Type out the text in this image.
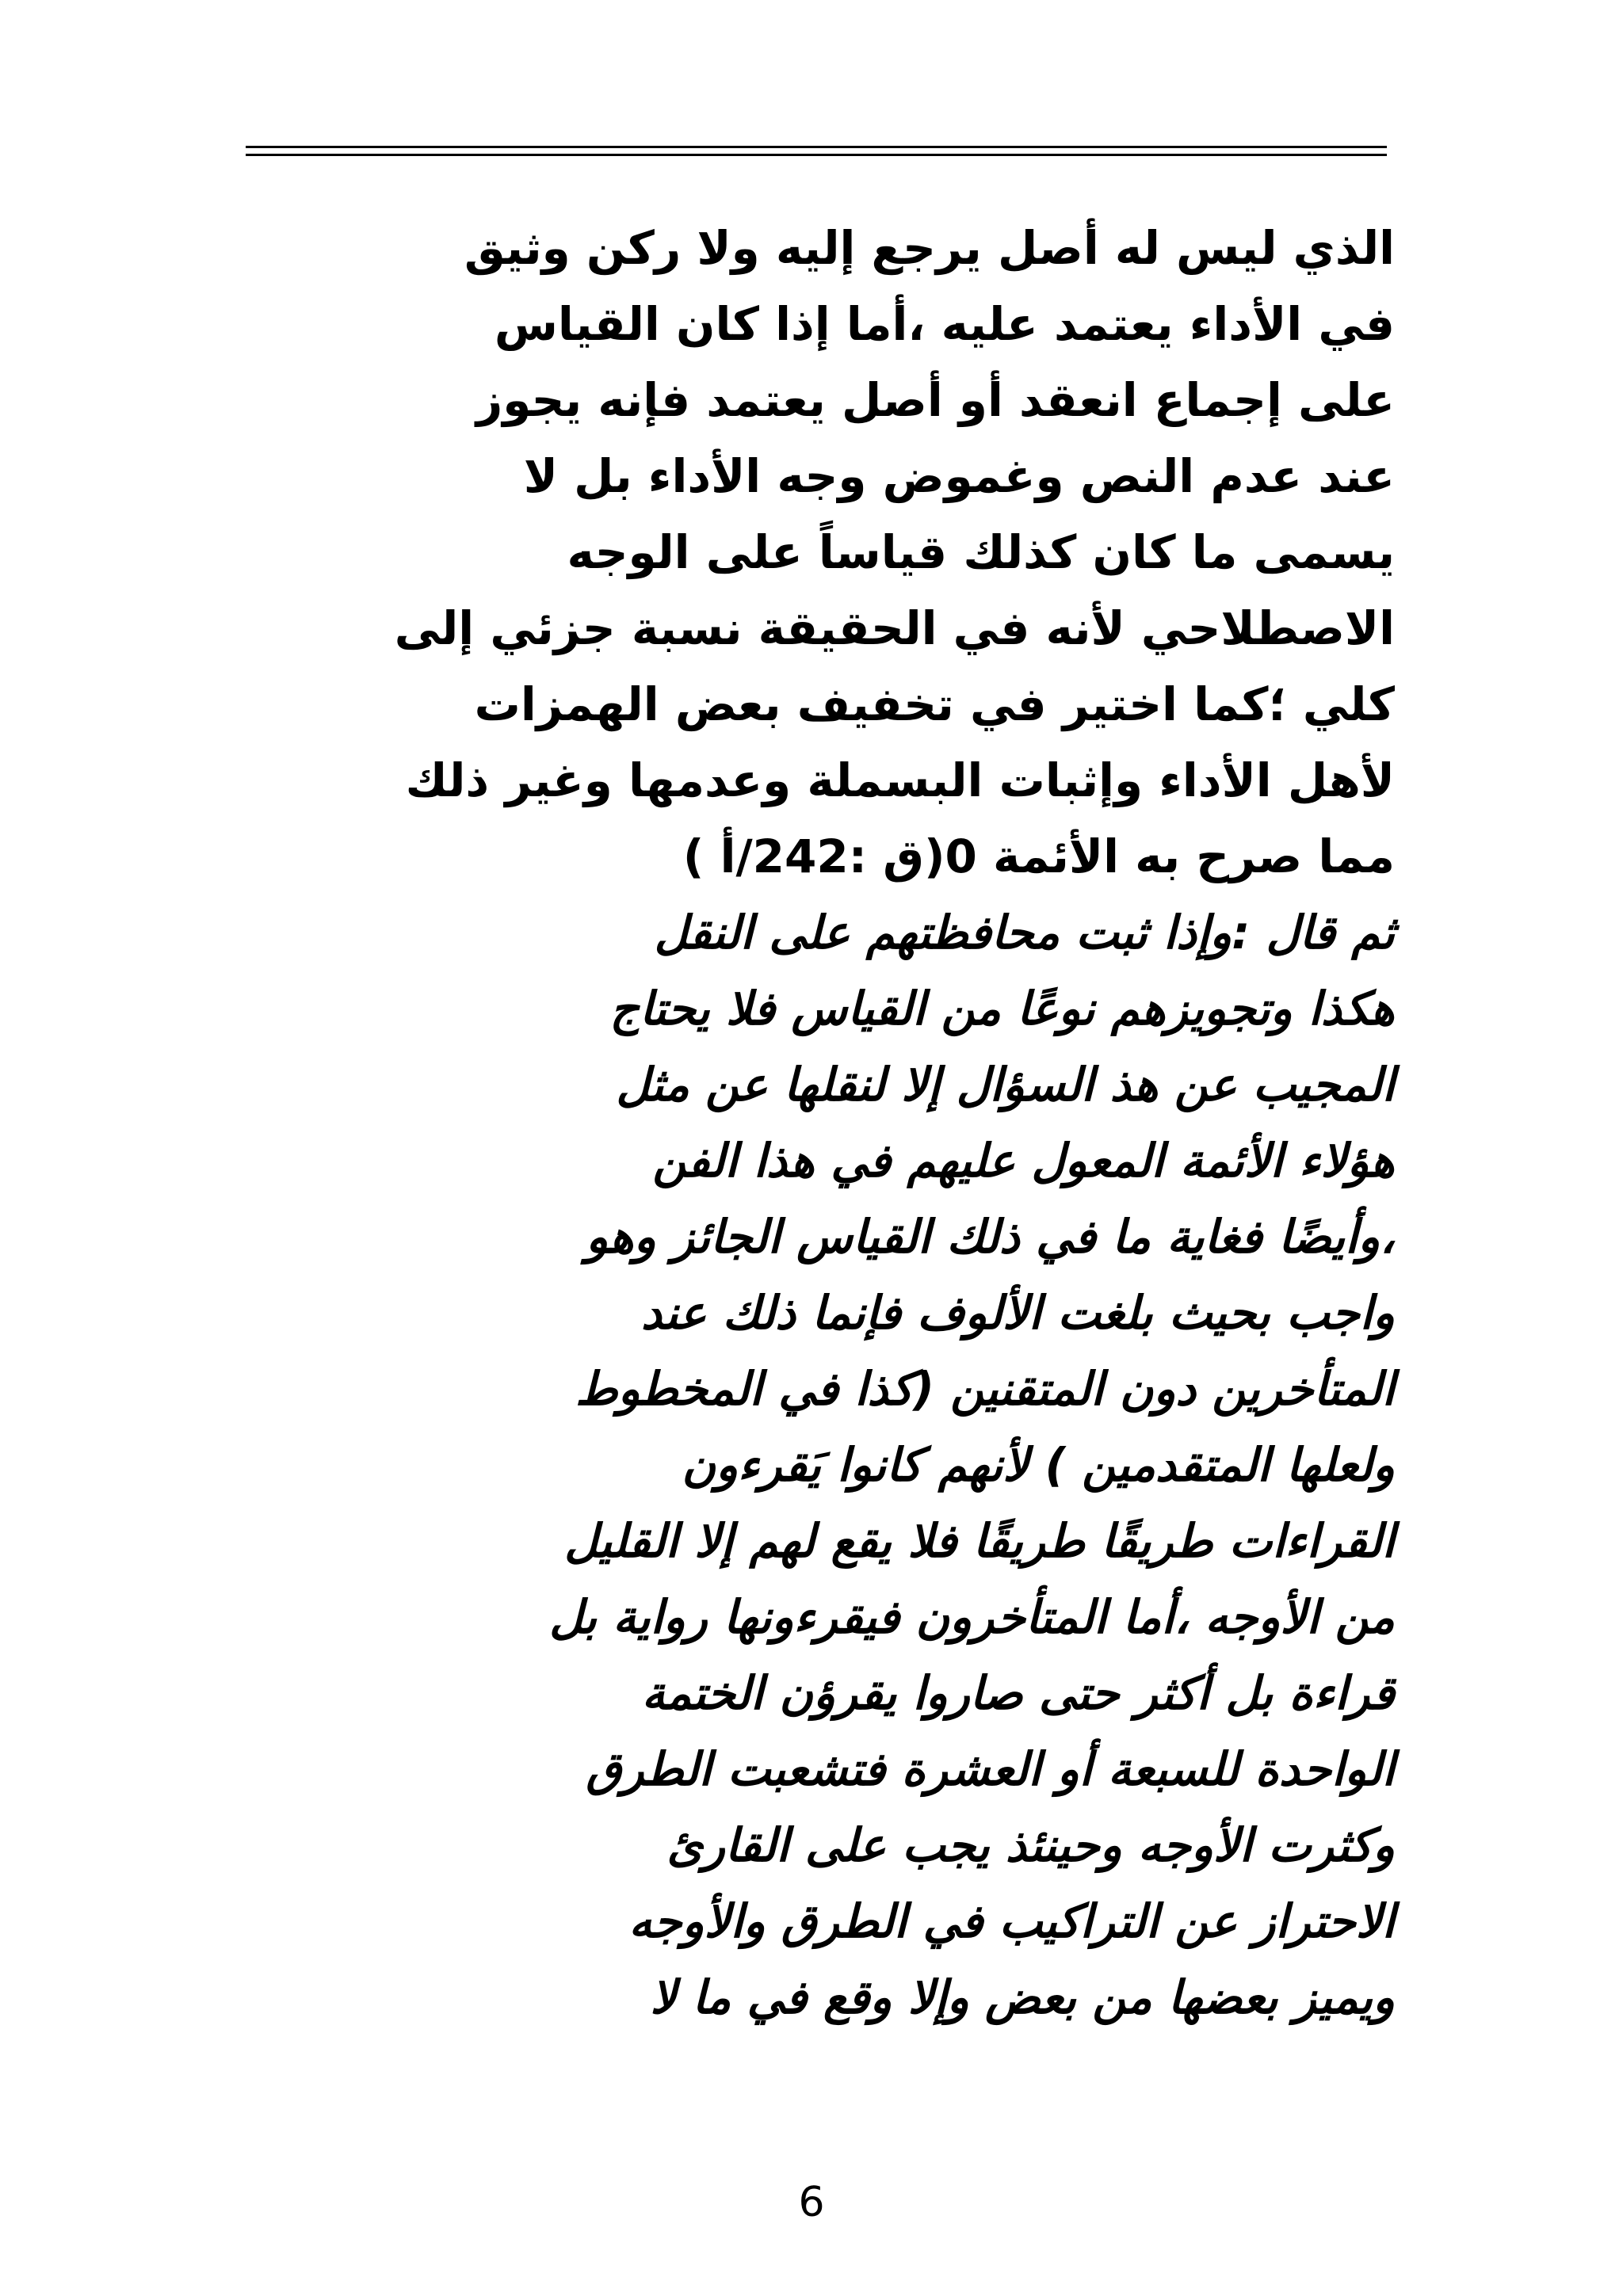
الذي ليس له أصل يرجع إليه ولا ركن وثيق
في الأداء يعتمد عليه ،أما إذا كان القياس
على إجماع انعقد أو أصل يعتمد فإنه يجوز
عند عدم النص وغموض وجه الأداء بل لا
يسمى ما كان كذلك قياساً على الوجه
الاصطلاحي لأنه في الحقيقة نسبة جزئي إلى
كلي ؛كما اختير في تخفيف بعض الهمزات
لأهل الأداء وإثبات البسملة وعدمها وغير ذلك
مما صرح به الأئمة 0(ق :242/أ )
ثم قال :وإذا ثبت محافظتهم على النقل
هكذا وتجويزهم نوعًا من القياس فلا يحتاج
المجيب عن هذ السؤال إلا لنقلها عن مثل
هؤلاء الأئمة المعول عليهم في هذا الفن
،وأيضًا فغاية ما في ذلك القياس الجائز وهو
واجب بحيث بلغت الألوف فإنما ذلك عند
المتأخرين دون المتقنين (كذا في المخطوط
ولعلها المتقدمين ) لأنهم كانوا يَقرءون
القراءات طريقًا طريقًا فلا يقع لهم إلا القليل
من الأوجه ،أما المتأخرون فيقرءونها رواية بل
قراءة بل أكثر حتى صاروا يقرؤن الختمة
الواحدة للسبعة أو العشرة فتشعبت الطرق
وكثرت الأوجه وحينئذ يجب على القارئ
الاحتراز عن التراكيب في الطرق والأوجه
ويميز بعضها من بعض وإلا وقع في ما لا
6
